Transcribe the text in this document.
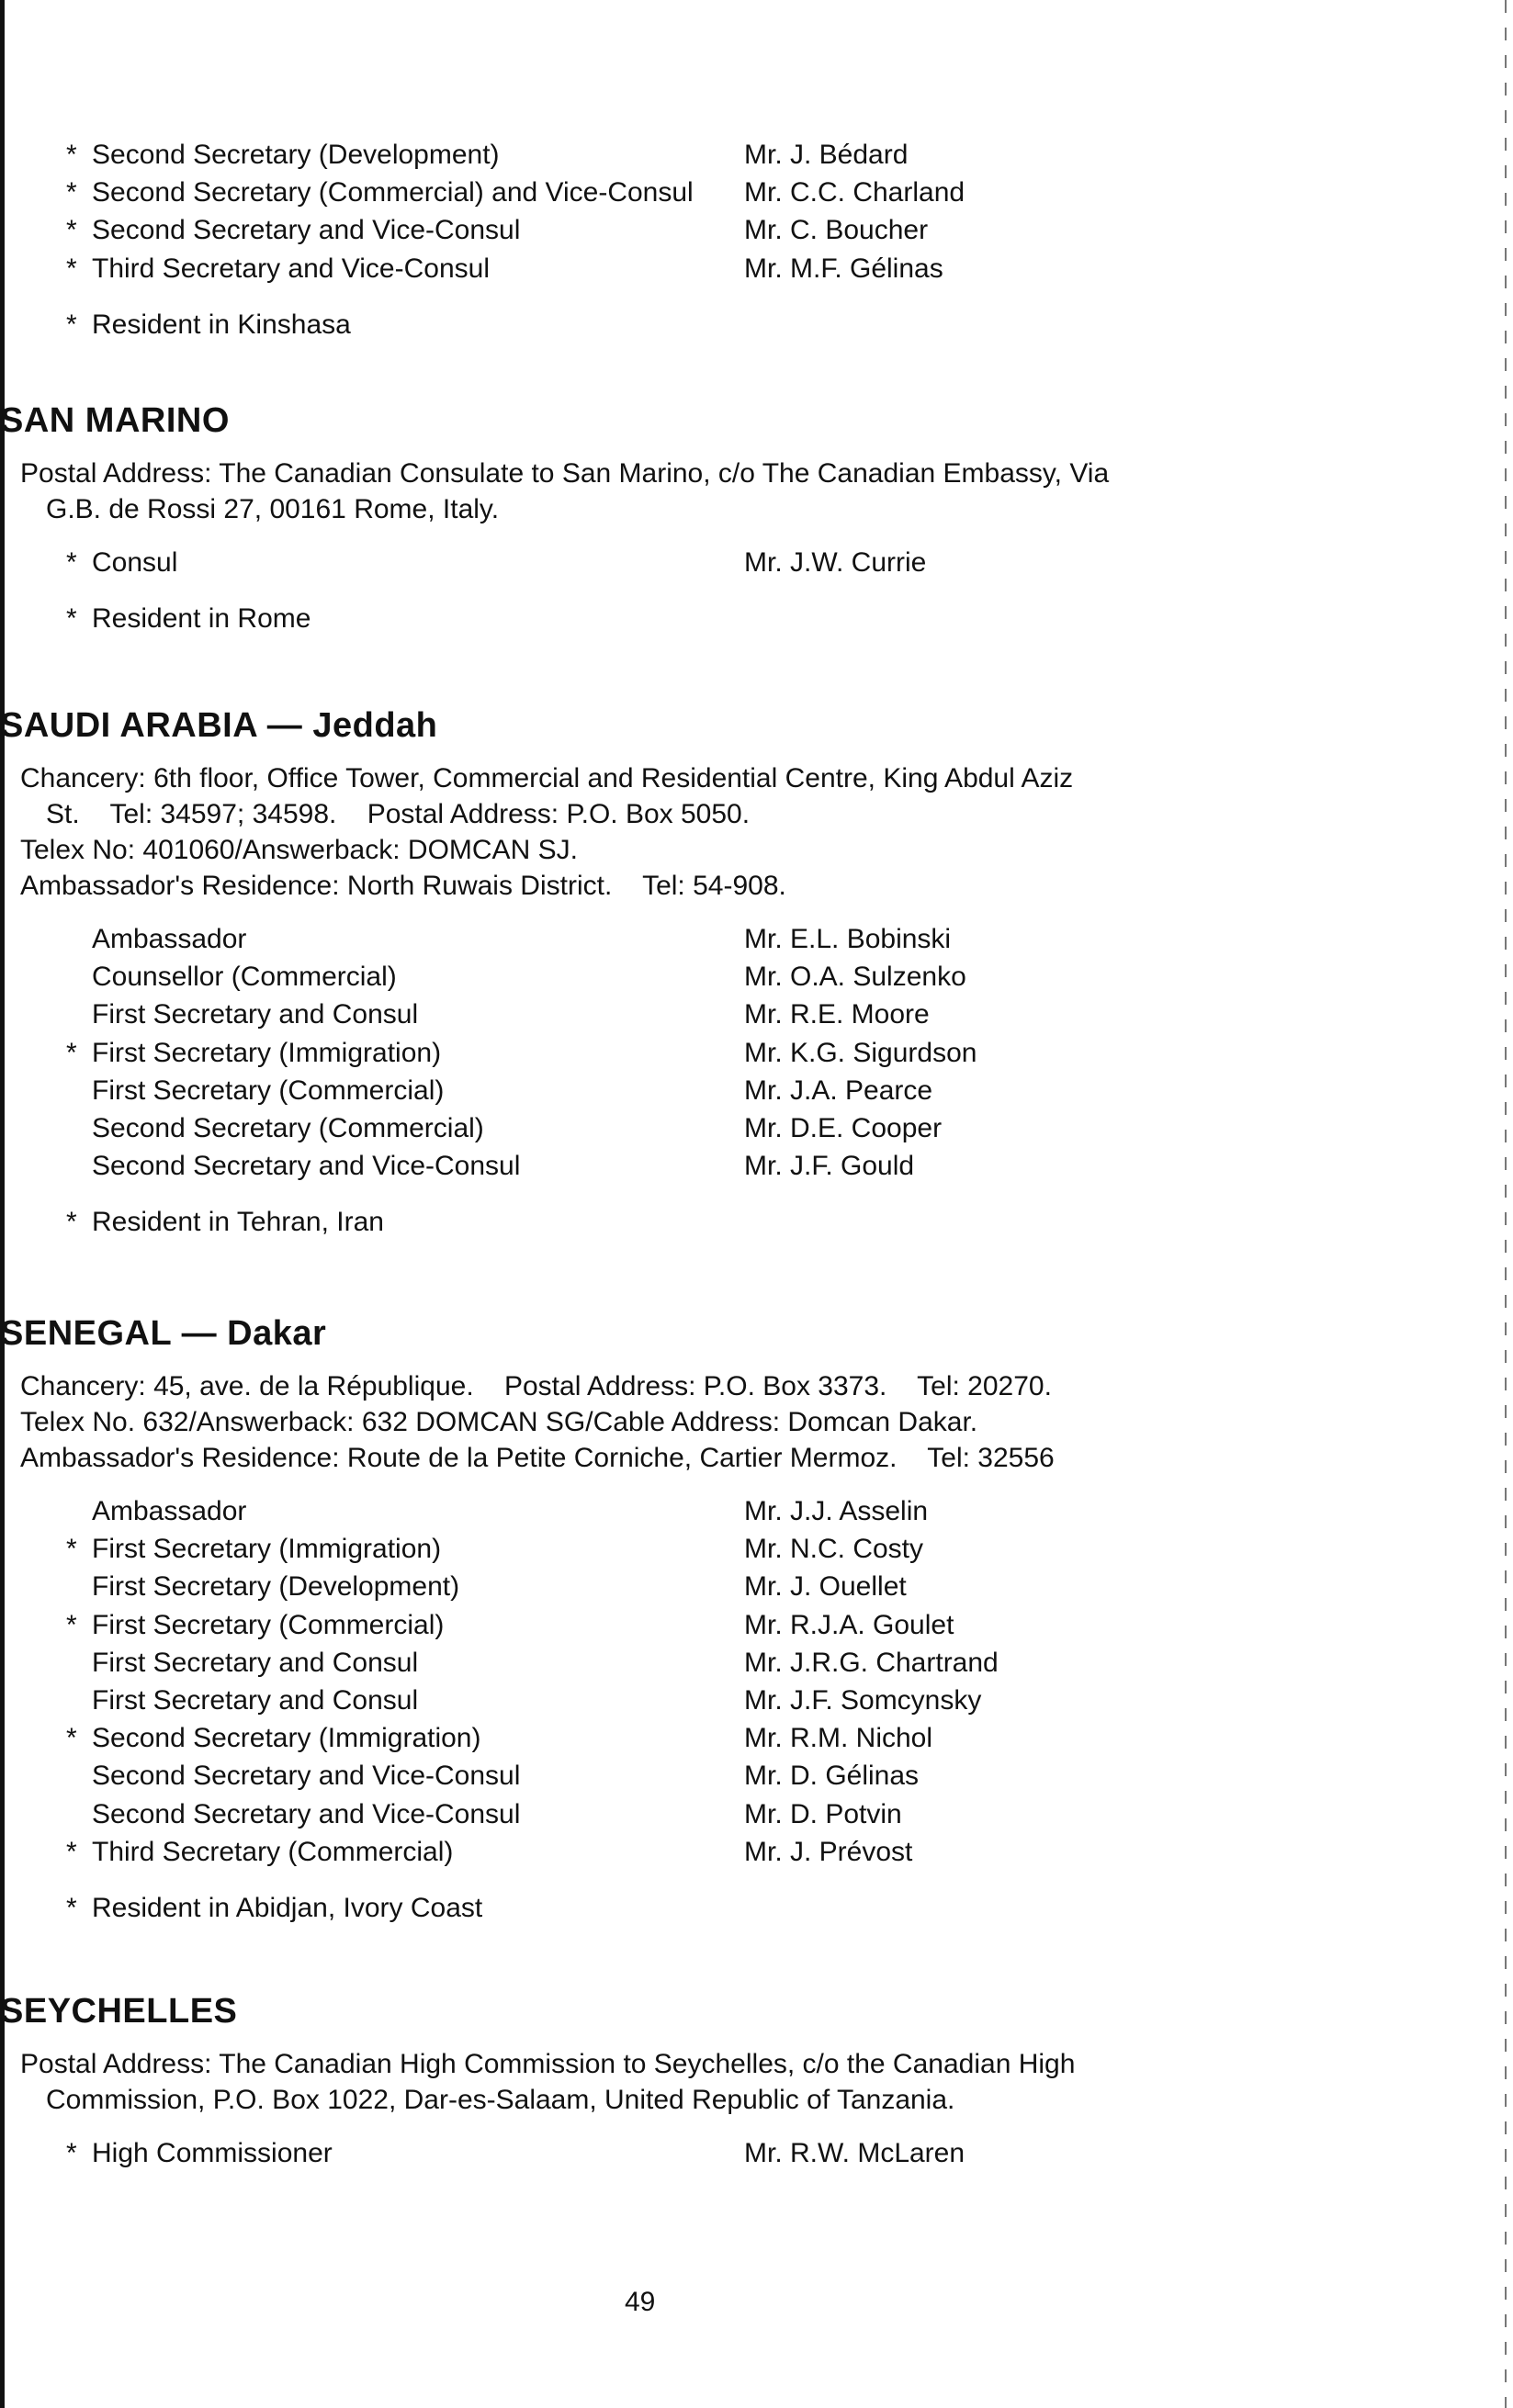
* Second Secretary (Development)	Mr. J. Bédard
* Second Secretary (Commercial) and Vice-Consul	Mr. C.C. Charland
* Second Secretary and Vice-Consul	Mr. C. Boucher
* Third Secretary and Vice-Consul	Mr. M.F. Gélinas
* Resident in Kinshasa
SAN MARINO
Postal Address: The Canadian Consulate to San Marino, c/o The Canadian Embassy, Via
G.B. de Rossi 27, 00161 Rome, Italy.
* Consul	Mr. J.W. Currie
* Resident in Rome
SAUDI ARABIA — Jeddah
Chancery: 6th floor, Office Tower, Commercial and Residential Centre, King Abdul Aziz
St.    Tel: 34597; 34598.    Postal Address: P.O. Box 5050.
Telex No: 401060/Answerback: DOMCAN SJ.
Ambassador's Residence: North Ruwais District.    Tel: 54-908.
Ambassador	Mr. E.L. Bobinski
Counsellor (Commercial)	Mr. O.A. Sulzenko
First Secretary and Consul	Mr. R.E. Moore
* First Secretary (Immigration)	Mr. K.G. Sigurdson
First Secretary (Commercial)	Mr. J.A. Pearce
Second Secretary (Commercial)	Mr. D.E. Cooper
Second Secretary and Vice-Consul	Mr. J.F. Gould
* Resident in Tehran, Iran
SENEGAL — Dakar
Chancery: 45, ave. de la République.    Postal Address: P.O. Box 3373.    Tel: 20270.
Telex No. 632/Answerback: 632 DOMCAN SG/Cable Address: Domcan Dakar.
Ambassador's Residence: Route de la Petite Corniche, Cartier Mermoz.    Tel: 32556
Ambassador	Mr. J.J. Asselin
* First Secretary (Immigration)	Mr. N.C. Costy
First Secretary (Development)	Mr. J. Ouellet
* First Secretary (Commercial)	Mr. R.J.A. Goulet
First Secretary and Consul	Mr. J.R.G. Chartrand
First Secretary and Consul	Mr. J.F. Somcynsky
* Second Secretary (Immigration)	Mr. R.M. Nichol
Second Secretary and Vice-Consul	Mr. D. Gélinas
Second Secretary and Vice-Consul	Mr. D. Potvin
* Third Secretary (Commercial)	Mr. J. Prévost
* Resident in Abidjan, Ivory Coast
SEYCHELLES
Postal Address: The Canadian High Commission to Seychelles, c/o the Canadian High
Commission, P.O. Box 1022, Dar-es-Salaam, United Republic of Tanzania.
* High Commissioner	Mr. R.W. McLaren
49
